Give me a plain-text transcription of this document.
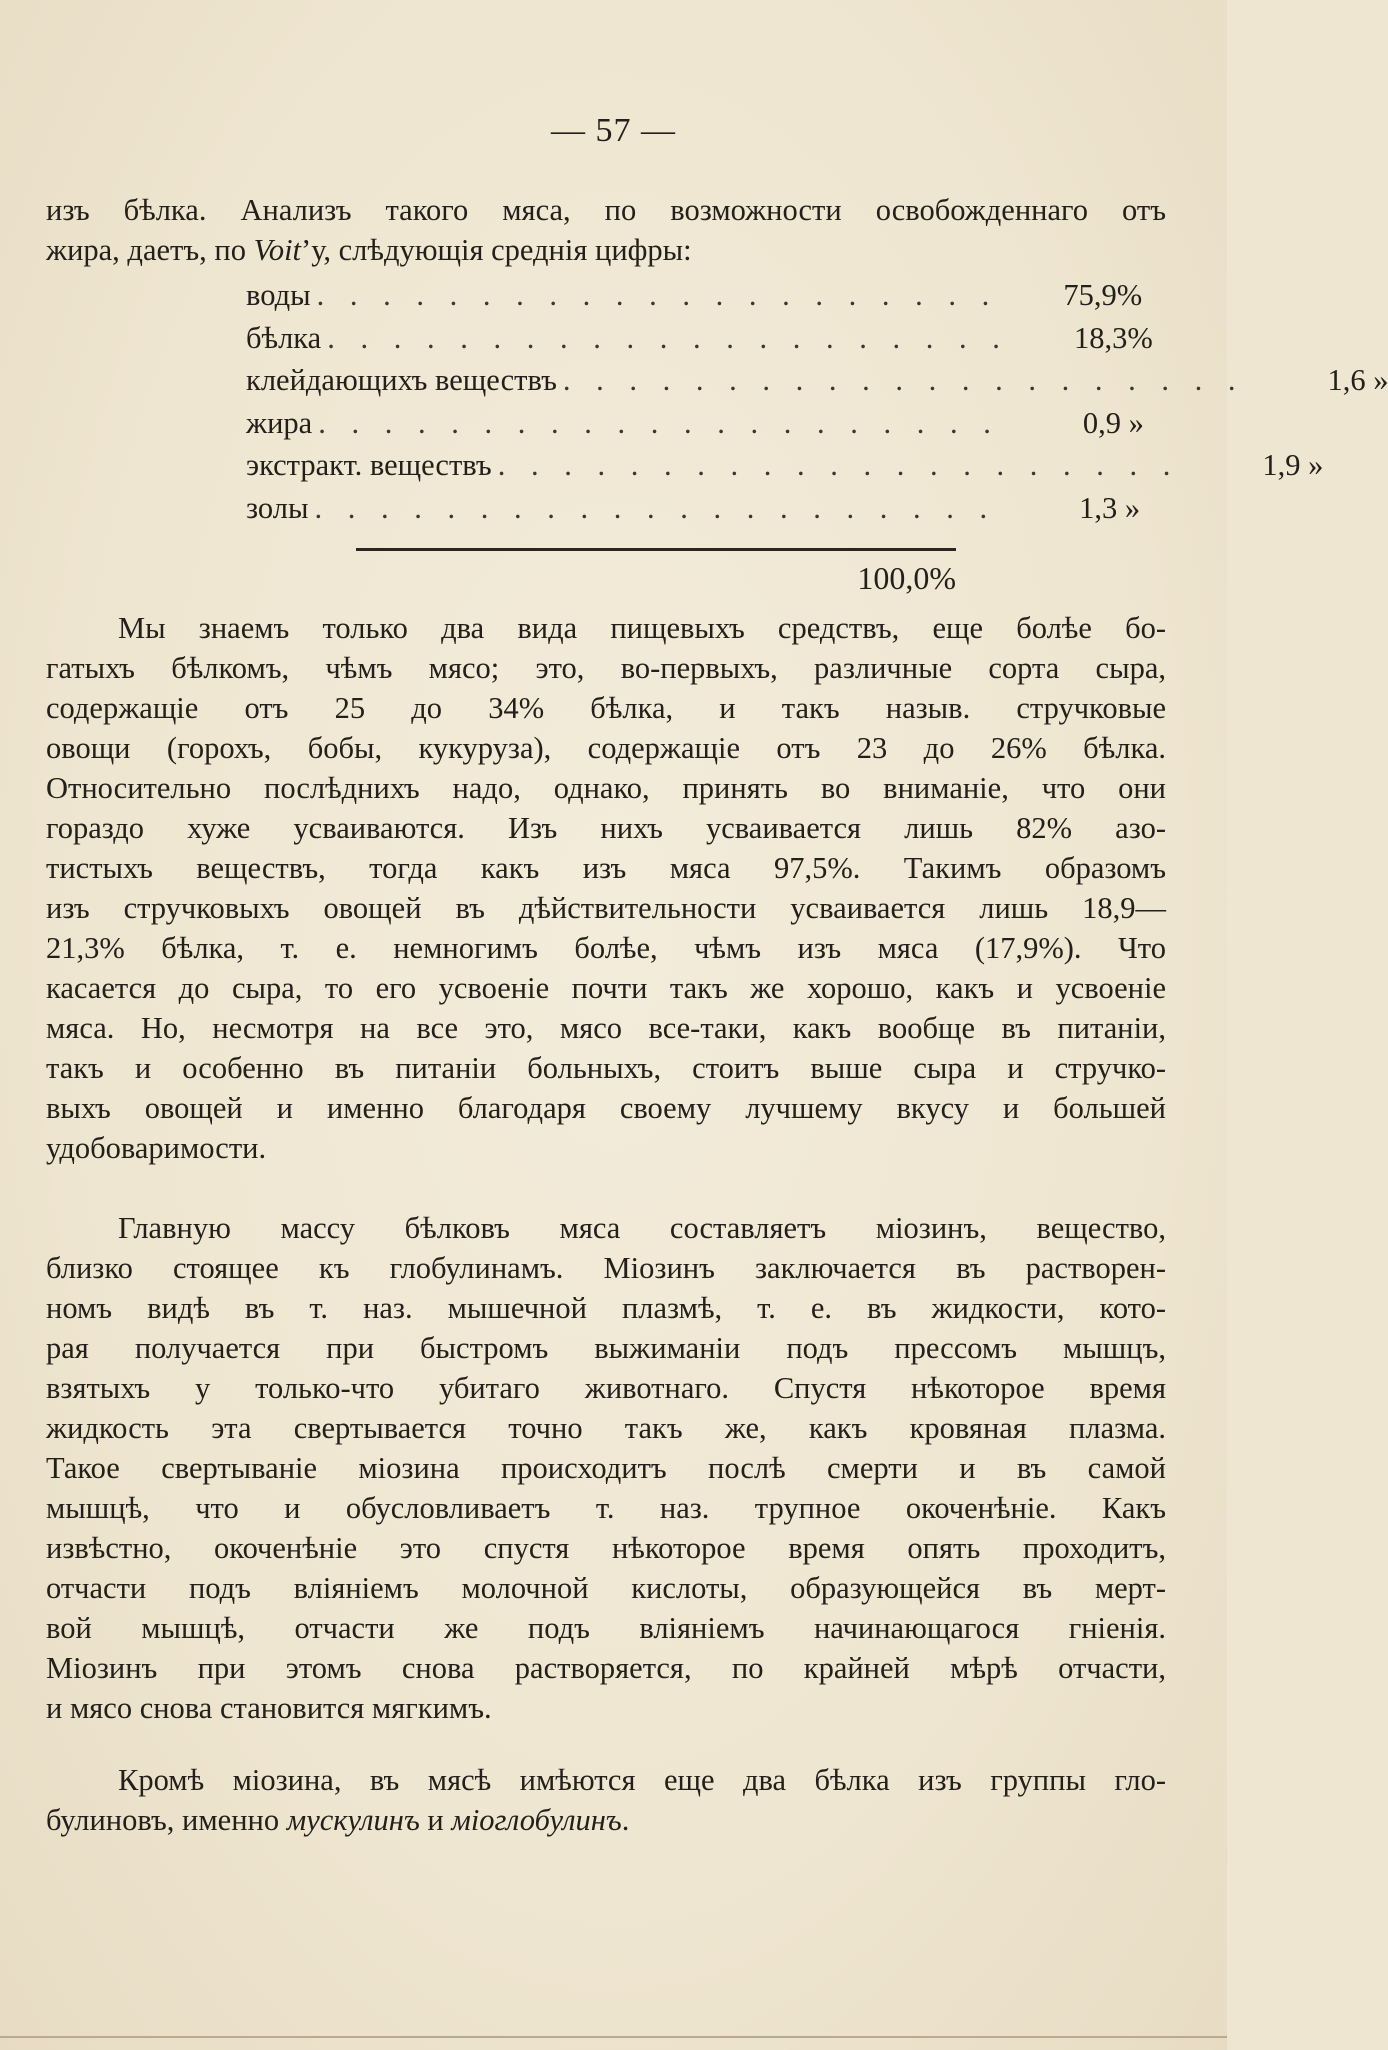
— 57 —
изъ бѣлка. Анализъ такого мяса, по возможности освобожденнаго отъ
жира, даетъ, по Voit’у, слѣдующія среднія цифры:
воды . . . . . . . . . . . . . . . . . . . . .	75,9%
бѣлка . . . . . . . . . . . . . . . . . . . . .	18,3%
клейдающихъ веществъ . . . . . . . . . . . . . . . . . . . . .	1,6 »
жира . . . . . . . . . . . . . . . . . . . . .	0,9 »
экстракт. веществъ . . . . . . . . . . . . . . . . . . . . .	1,9 »
золы . . . . . . . . . . . . . . . . . . . . .	1,3 »
100,0%
Мы знаемъ только два вида пищевыхъ средствъ, еще болѣе бо-
гатыхъ бѣлкомъ, чѣмъ мясо; это, во-первыхъ, различные сорта сыра,
содержащіе отъ 25 до 34% бѣлка, и такъ назыв. стручковые
овощи (горохъ, бобы, кукуруза), содержащіе отъ 23 до 26% бѣлка.
Относительно послѣднихъ надо, однако, принять во вниманіе, что они
гораздо хуже усваиваются. Изъ нихъ усваивается лишь 82% азо-
тистыхъ веществъ, тогда какъ изъ мяса 97,5%. Такимъ образомъ
изъ стручковыхъ овощей въ дѣйствительности усваивается лишь 18,9—
21,3% бѣлка, т. е. немногимъ болѣе, чѣмъ изъ мяса (17,9%). Что
касается до сыра, то его усвоеніе почти такъ же хорошо, какъ и усвоеніе
мяса. Но, несмотря на все это, мясо все-таки, какъ вообще въ питаніи,
такъ и особенно въ питаніи больныхъ, стоитъ выше сыра и стручко-
выхъ овощей и именно благодаря своему лучшему вкусу и большей
удобоваримости.
Главную массу бѣлковъ мяса составляетъ міозинъ, вещество,
близко стоящее къ глобулинамъ. Міозинъ заключается въ растворен-
номъ видѣ въ т. наз. мышечной плазмѣ, т. е. въ жидкости, кото-
рая получается при быстромъ выжиманіи подъ прессомъ мышцъ,
взятыхъ у только-что убитаго животнаго. Спустя нѣкоторое время
жидкость эта свертывается точно такъ же, какъ кровяная плазма.
Такое свертываніе міозина происходитъ послѣ смерти и въ самой
мышцѣ, что и обусловливаетъ т. наз. трупное окоченѣніе. Какъ
извѣстно, окоченѣніе это спустя нѣкоторое время опять проходитъ,
отчасти подъ вліяніемъ молочной кислоты, образующейся въ мерт-
вой мышцѣ, отчасти же подъ вліяніемъ начинающагося гніенія.
Міозинъ при этомъ снова растворяется, по крайней мѣрѣ отчасти,
и мясо снова становится мягкимъ.
Кромѣ міозина, въ мясѣ имѣются еще два бѣлка изъ группы гло-
булиновъ, именно мускулинъ и міоглобулинъ.
